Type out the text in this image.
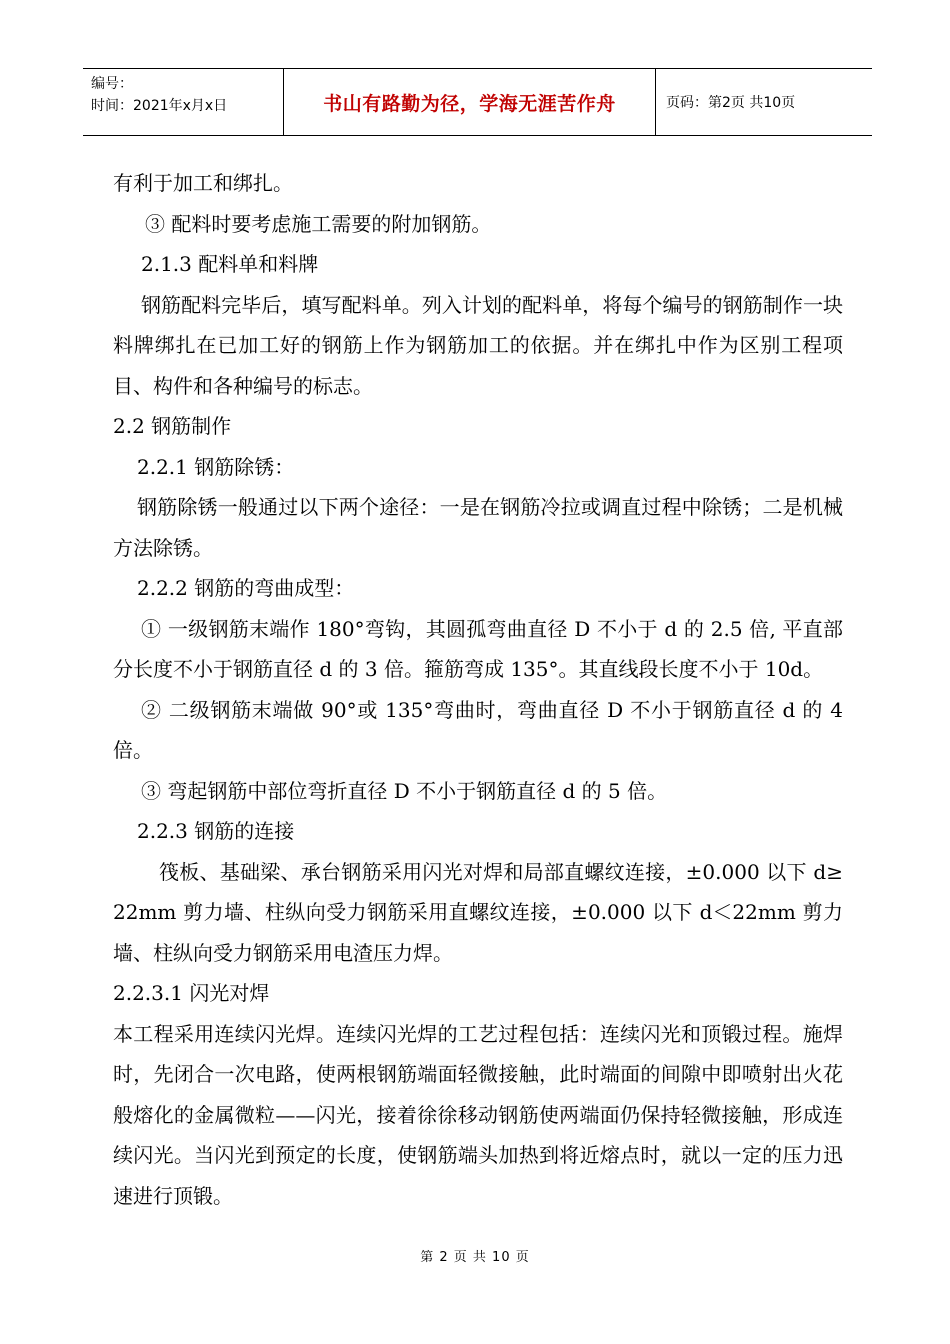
编号：
时间：2021年x月x日	书山有路勤为径，学海无涯苦作舟	页码：第2页 共10页

有利于加工和绑扎。

③ 配料时要考虑施工需要的附加钢筋。

2.1.3 配料单和料牌

钢筋配料完毕后，填写配料单。列入计划的配料单，将每个编号的钢筋制作一块料牌绑扎在已加工好的钢筋上作为钢筋加工的依据。并在绑扎中作为区别工程项目、构件和各种编号的标志。

2.2 钢筋制作

2.2.1 钢筋除锈：

钢筋除锈一般通过以下两个途径：一是在钢筋冷拉或调直过程中除锈；二是机械方法除锈。

2.2.2 钢筋的弯曲成型：

① 一级钢筋末端作 180°弯钩，其圆孤弯曲直径 D 不小于 d 的 2.5 倍, 平直部分长度不小于钢筋直径 d 的 3 倍。箍筋弯成 135°。其直线段长度不小于 10d。

② 二级钢筋末端做 90°或 135°弯曲时，弯曲直径 D 不小于钢筋直径 d 的 4 倍。

③ 弯起钢筋中部位弯折直径 D 不小于钢筋直径 d 的 5 倍。

2.2.3 钢筋的连接

筏板、基础梁、承台钢筋采用闪光对焊和局部直螺纹连接，±0.000 以下 d≥22mm 剪力墙、柱纵向受力钢筋采用直螺纹连接，±0.000 以下 d＜22mm 剪力墙、柱纵向受力钢筋采用电渣压力焊。

2.2.3.1 闪光对焊

本工程采用连续闪光焊。连续闪光焊的工艺过程包括：连续闪光和顶锻过程。施焊时，先闭合一次电路，使两根钢筋端面轻微接触，此时端面的间隙中即喷射出火花般熔化的金属微粒——闪光，接着徐徐移动钢筋使两端面仍保持轻微接触，形成连续闪光。当闪光到预定的长度，使钢筋端头加热到将近熔点时，就以一定的压力迅速进行顶锻。

第 2 页 共 10 页
